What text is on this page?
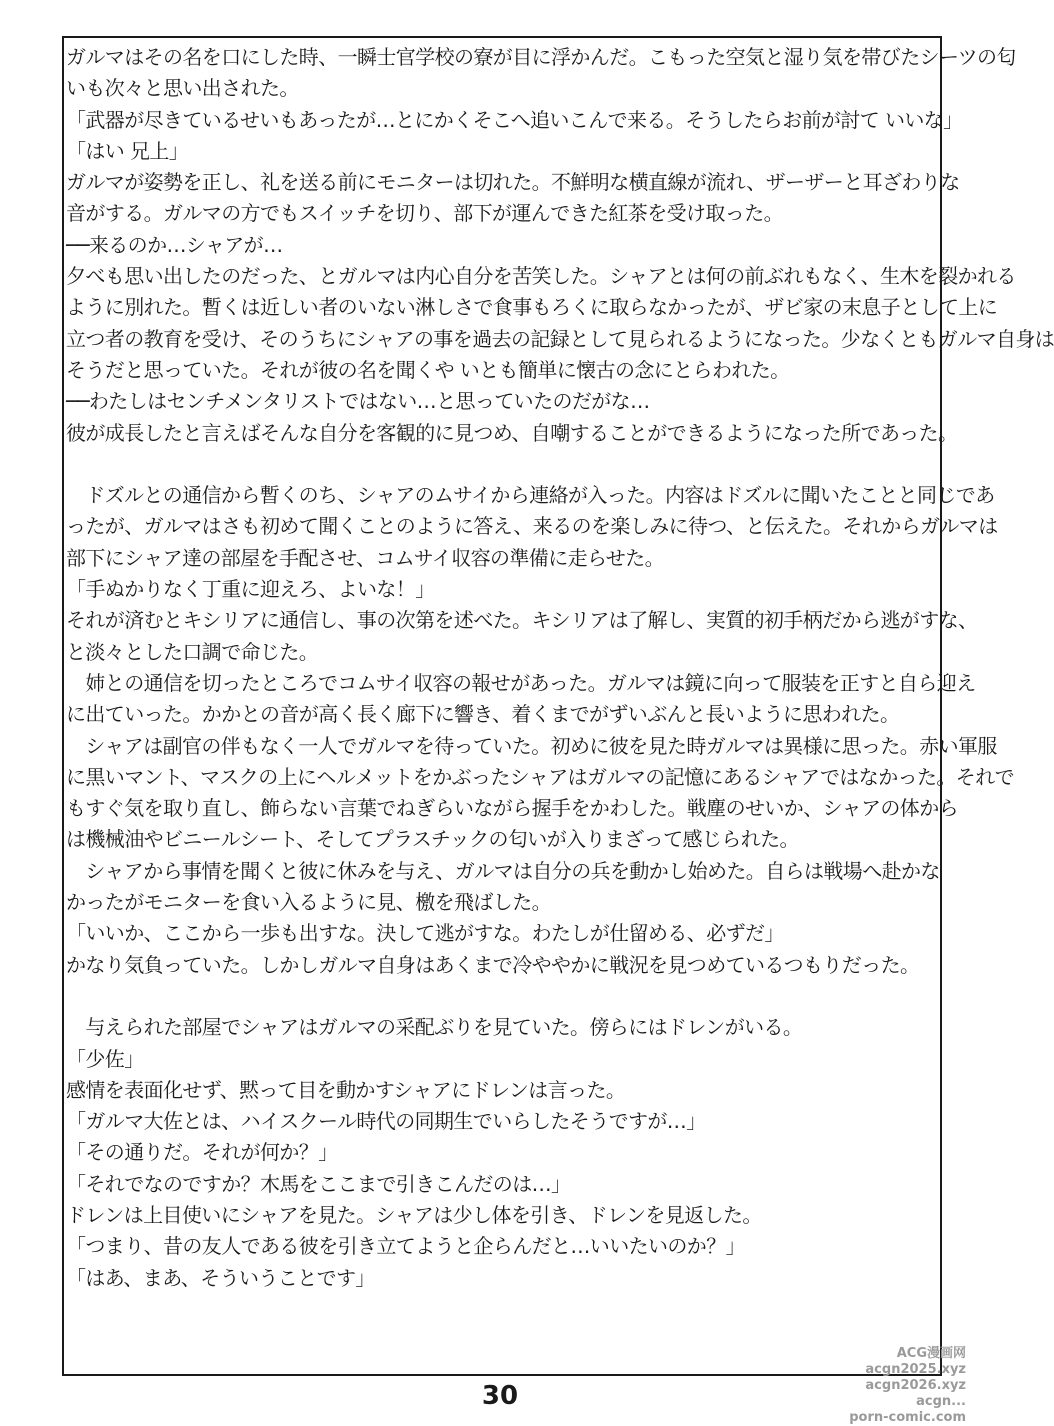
ガルマはその名を口にした時、一瞬士官学校の寮が目に浮かんだ。こもった空気と湿り気を帯びたシーツの匂
いも次々と思い出された。
「武器が尽きているせいもあったが…とにかくそこへ追いこんで来る。そうしたらお前が討て いいな」
「はい 兄上」
ガルマが姿勢を正し、礼を送る前にモニターは切れた。不鮮明な横直線が流れ、ザーザーと耳ざわりな
音がする。ガルマの方でもスイッチを切り、部下が運んできた紅茶を受け取った。
──来るのか…シャアが…
夕べも思い出したのだった、とガルマは内心自分を苦笑した。シャアとは何の前ぶれもなく、生木を裂かれる
ように別れた。暫くは近しい者のいない淋しさで食事もろくに取らなかったが、ザビ家の末息子として上に
立つ者の教育を受け、そのうちにシャアの事を過去の記録として見られるようになった。少なくともガルマ自身は
そうだと思っていた。それが彼の名を聞くや いとも簡単に懐古の念にとらわれた。
──わたしはセンチメンタリストではない…と思っていたのだがな…
彼が成長したと言えばそんな自分を客観的に見つめ、自嘲することができるようになった所であった。
　ドズルとの通信から暫くのち、シャアのムサイから連絡が入った。内容はドズルに聞いたことと同じであ
ったが、ガルマはさも初めて聞くことのように答え、来るのを楽しみに待つ、と伝えた。それからガルマは
部下にシャア達の部屋を手配させ、コムサイ収容の準備に走らせた。
「手ぬかりなく丁重に迎えろ、よいな！」
それが済むとキシリアに通信し、事の次第を述べた。キシリアは了解し、実質的初手柄だから逃がすな、
と淡々とした口調で命じた。
　姉との通信を切ったところでコムサイ収容の報せがあった。ガルマは鏡に向って服装を正すと自ら迎え
に出ていった。かかとの音が高く長く廊下に響き、着くまでがずいぶんと長いように思われた。
　シャアは副官の伴もなく一人でガルマを待っていた。初めに彼を見た時ガルマは異様に思った。赤い軍服
に黒いマント、マスクの上にヘルメットをかぶったシャアはガルマの記憶にあるシャアではなかった。それで
もすぐ気を取り直し、飾らない言葉でねぎらいながら握手をかわした。戦塵のせいか、シャアの体から
は機械油やビニールシート、そしてプラスチックの匂いが入りまざって感じられた。
　シャアから事情を聞くと彼に休みを与え、ガルマは自分の兵を動かし始めた。自らは戦場へ赴かな
かったがモニターを食い入るように見、檄を飛ばした。
「いいか、ここから一歩も出すな。決して逃がすな。わたしが仕留める、必ずだ」
かなり気負っていた。しかしガルマ自身はあくまで冷ややかに戦況を見つめているつもりだった。
　与えられた部屋でシャアはガルマの采配ぶりを見ていた。傍らにはドレンがいる。
「少佐」
感情を表面化せず、黙って目を動かすシャアにドレンは言った。
「ガルマ大佐とは、ハイスクール時代の同期生でいらしたそうですが…」
「その通りだ。それが何か？」
「それでなのですか？木馬をここまで引きこんだのは…」
ドレンは上目使いにシャアを見た。シャアは少し体を引き、ドレンを見返した。
「つまり、昔の友人である彼を引き立てようと企らんだと…いいたいのか？」
「はあ、まあ、そういうことです」
30
ACG漫画网
acgn2025.xyz
acgn2026.xyz
acgn...
porn-comic.com
